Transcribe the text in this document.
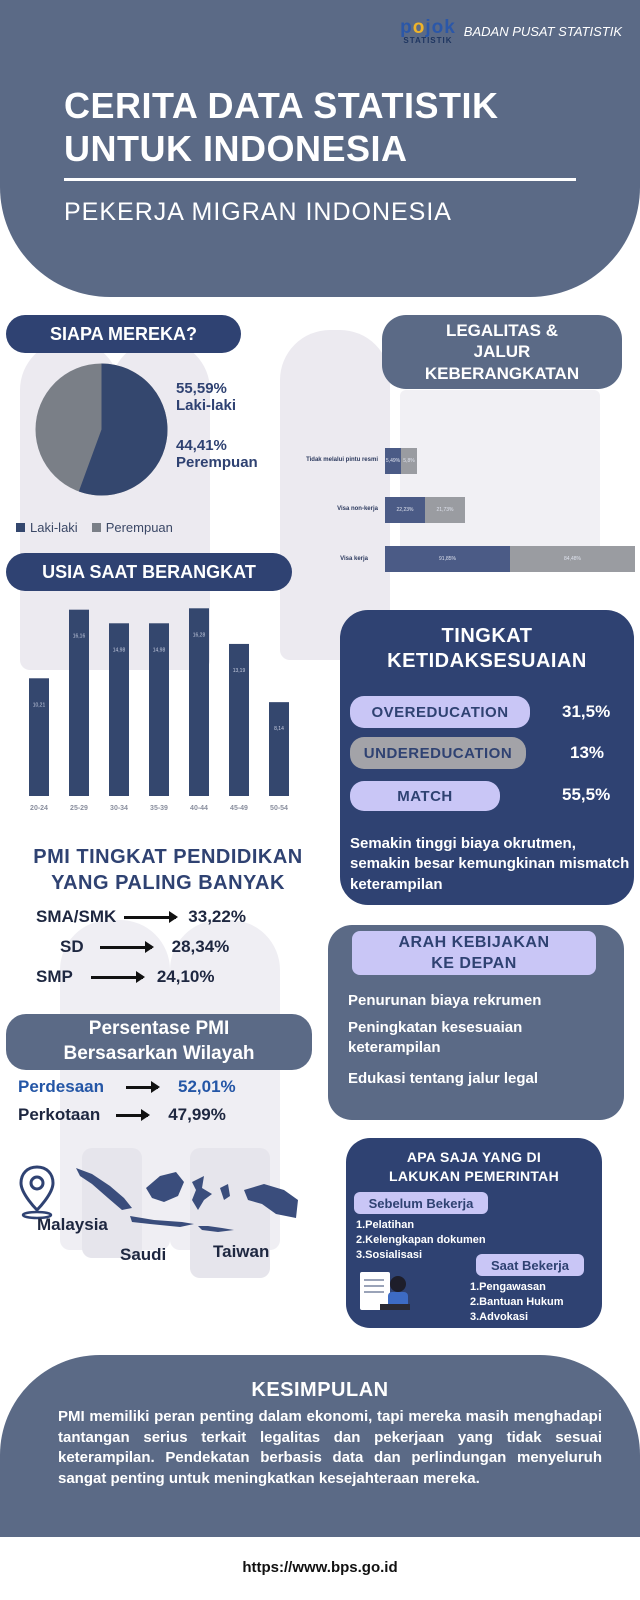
pojok
STATISTIK
BADAN PUSAT STATISTIK
CERITA DATA STATISTIK
UNTUK INDONESIA
PEKERJA MIGRAN INDONESIA
SIAPA MEREKA?
55,59%
Laki-laki
44,41%
Perempuan
Laki-laki	Perempuan
LEGALITAS &
JALUR
KEBERANGKATAN
Tidak melalui pintu resmi 5,49% 5,8%
Visa non-kerja	22,23%	21,73%
Visa kerja	91,85%	84,48%
USIA SAAT BERANGKAT
10,21
20-24
16,16
25-29
14,98
30-34
14,98
35-39
16,28
40-44
13,19
45-49
8,14
50-54
TINGKAT
KETIDAKSESUAIAN
OVEREDUCATION	31,5%
UNDEREDUCATION	13%
MATCH	55,5%
Semakin tinggi biaya okrutmen, semakin besar kemungkinan mismatch keterampilan
PMI TINGKAT PENDIDIKAN
YANG PALING BANYAK
SMA/SMK	33,22%
SD	28,34%
SMP	24,10%
Persentase PMI
Bersasarkan Wilayah
Perdesaan	52,01%
Perkotaan	47,99%
Malaysia
Saudi	Taiwan
ARAH KEBIJAKAN
KE DEPAN
Penurunan biaya rekrumen
Peningkatan kesesuaian keterampilan
Edukasi tentang jalur legal
APA SAJA YANG DI
LAKUKAN PEMERINTAH
Sebelum Bekerja
1.Pelatihan
2.Kelengkapan dokumen
3.Sosialisasi
Saat Bekerja
1.Pengawasan
2.Bantuan Hukum
3.Advokasi
KESIMPULAN
PMI memiliki peran penting dalam ekonomi, tapi mereka masih menghadapi tantangan serius terkait legalitas dan pekerjaan yang tidak sesuai keterampilan. Pendekatan berbasis data dan perlindungan menyeluruh sangat penting untuk meningkatkan kesejahteraan mereka.
https://www.bps.go.id
